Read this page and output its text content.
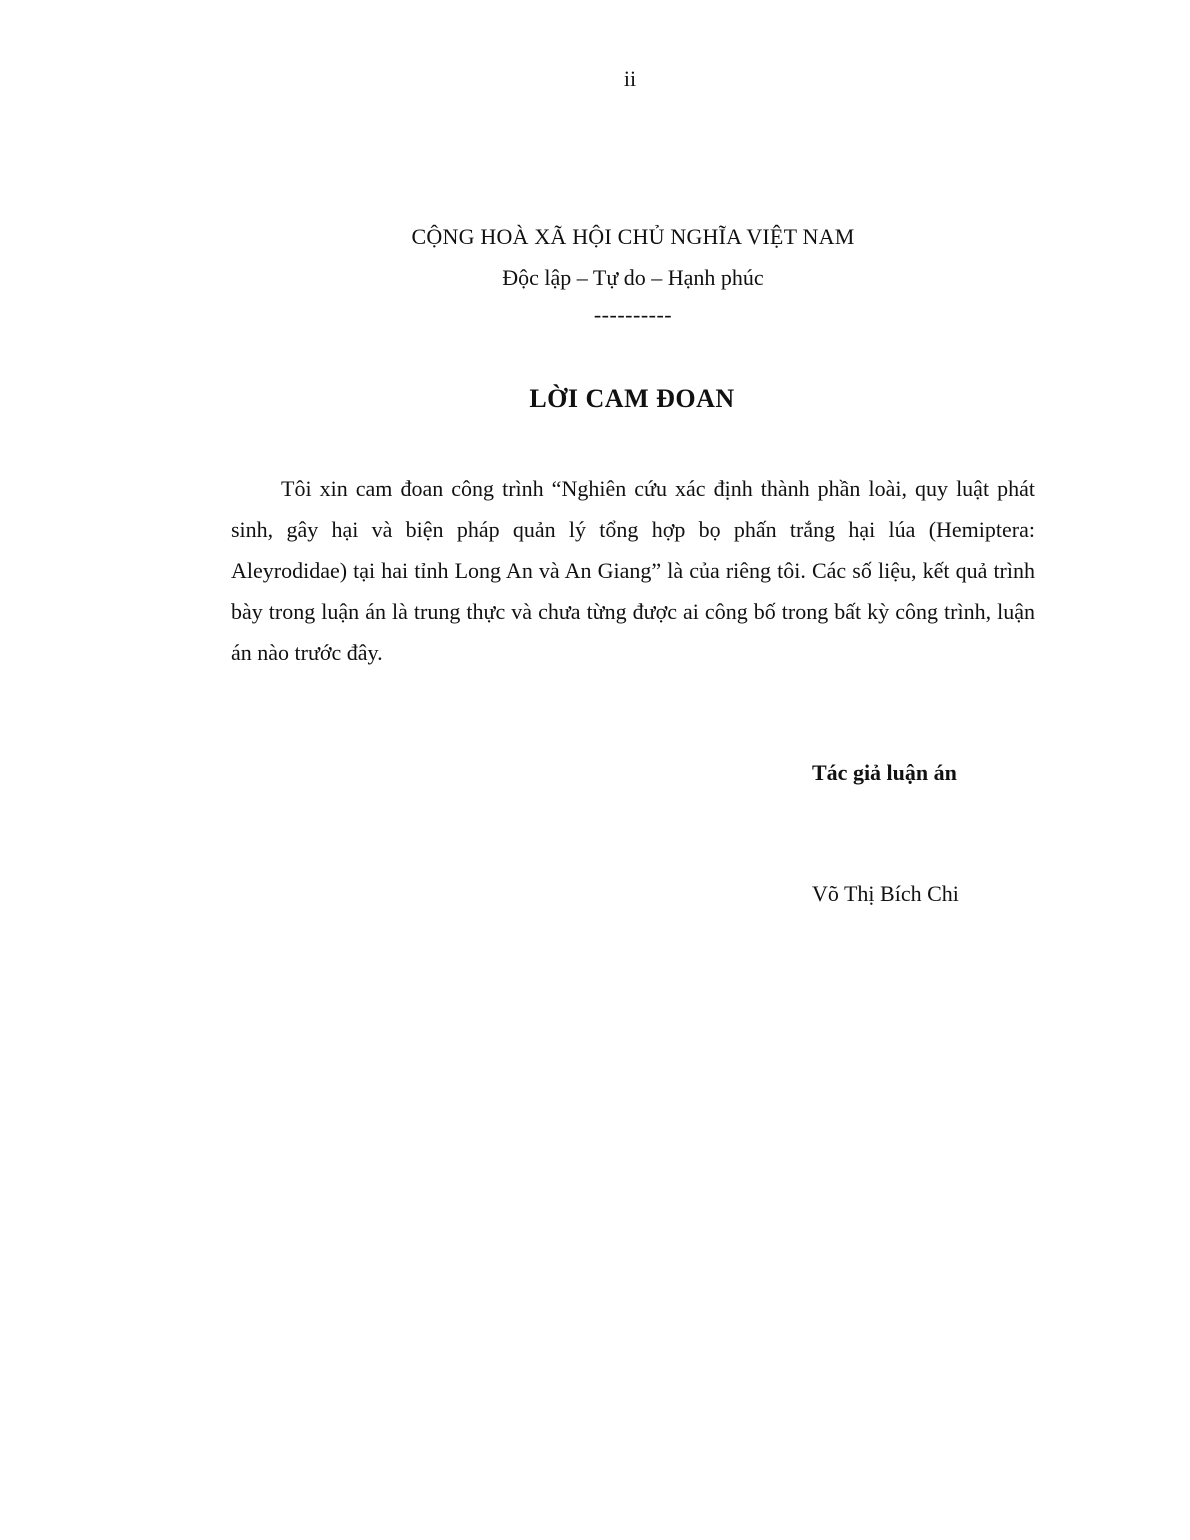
ii
CỘNG HOÀ XÃ HỘI CHỦ NGHĨA VIỆT NAM
Độc lập – Tự do – Hạnh phúc
----------
LỜI CAM ĐOAN

Tôi xin cam đoan công trình “Nghiên cứu xác định thành phần loài, quy luật phát sinh, gây hại và biện pháp quản lý tổng hợp bọ phấn trắng hại lúa (Hemiptera: Aleyrodidae) tại hai tỉnh Long An và An Giang” là của riêng tôi. Các số liệu, kết quả trình bày trong luận án là trung thực và chưa từng được ai công bố trong bất kỳ công trình, luận án nào trước đây.

Tác giả luận án
Võ Thị Bích Chi
